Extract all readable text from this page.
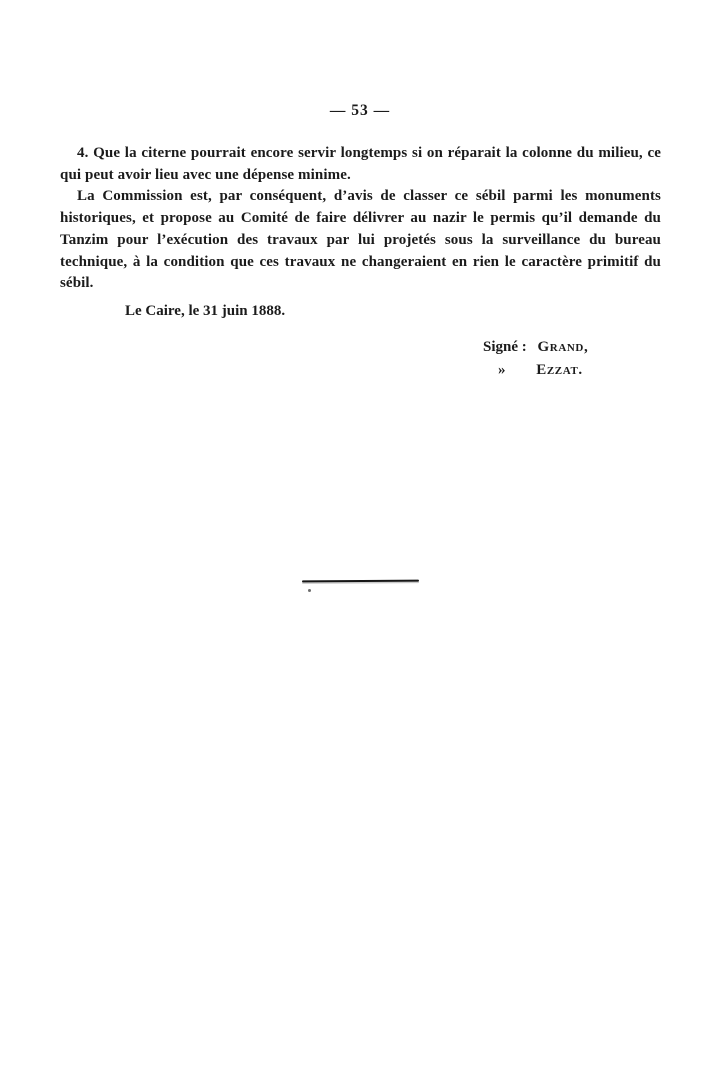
— 53 —

4. Que la citerne pourrait encore servir longtemps si on réparait la colonne du milieu, ce qui peut avoir lieu avec une dépense minime.

La Commission est, par conséquent, d’avis de classer ce sébil parmi les monuments historiques, et propose au Comité de faire délivrer au nazir le permis qu’il demande du Tanzim pour l’exécution des travaux par lui projetés sous la surveillance du bureau technique, à la condition que ces travaux ne changeraient en rien le caractère primitif du sébil.

Le Caire, le 31 juin 1888.
Signé : Grand,
» Ezzat.
